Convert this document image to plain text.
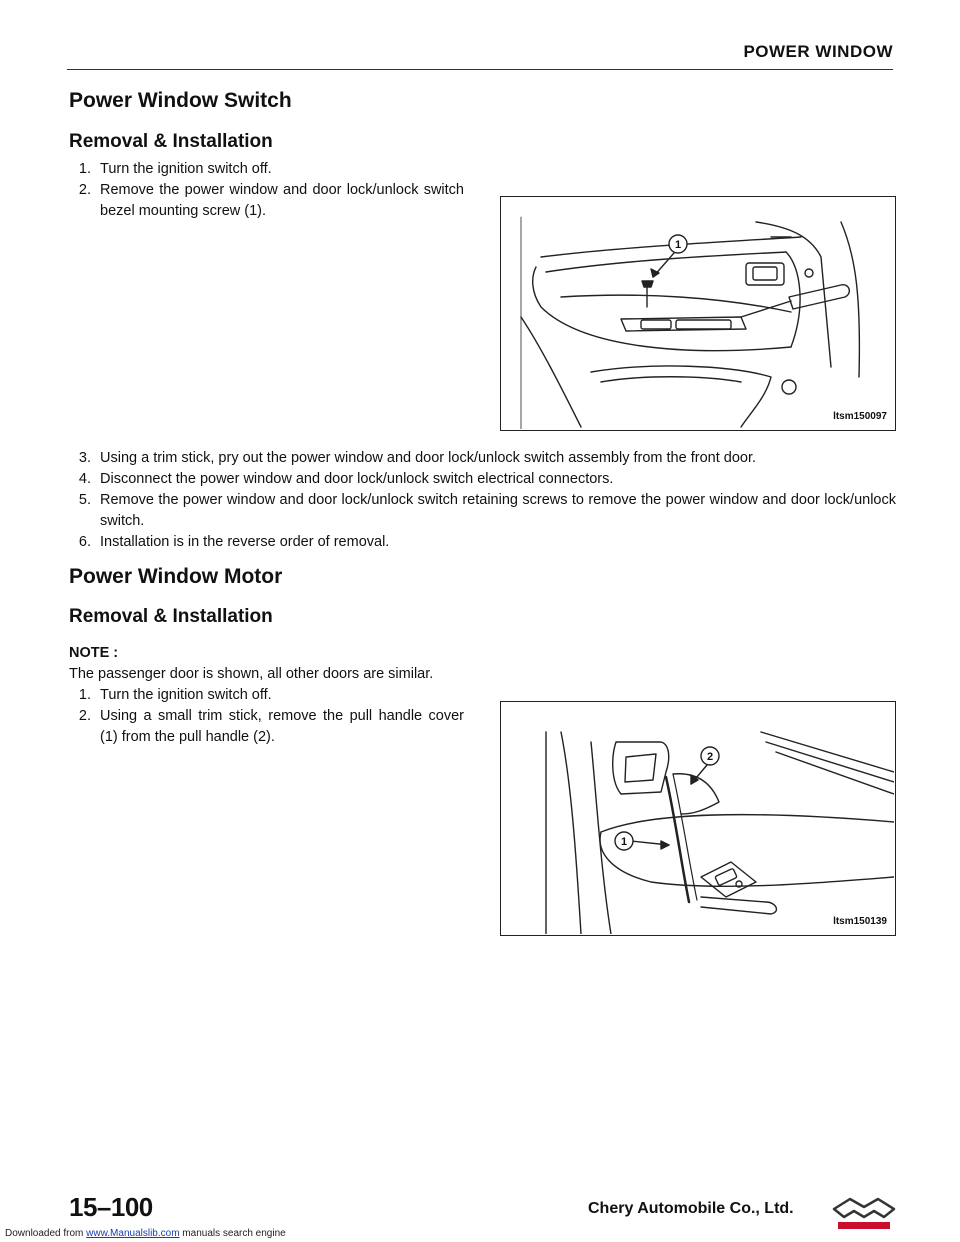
POWER WINDOW
Power Window Switch
Removal & Installation
1. Turn the ignition switch off.
2. Remove the power window and door lock/unlock switch bezel mounting screw (1).
1
ltsm150097
3. Using a trim stick, pry out the power window and door lock/unlock switch assembly from the front door.
4. Disconnect the power window and door lock/unlock switch electrical connectors.
5. Remove the power window and door lock/unlock switch retaining screws to remove the power window and door lock/unlock switch.
6. Installation is in the reverse order of removal.
Power Window Motor
Removal & Installation
NOTE :
The passenger door is shown, all other doors are similar.
1. Turn the ignition switch off.
2. Using a small trim stick, remove the pull handle cover (1) from the pull handle (2).
2
1
ltsm150139
15–100	Chery Automobile Co., Ltd.
Downloaded from www.Manualslib.com manuals search engine
